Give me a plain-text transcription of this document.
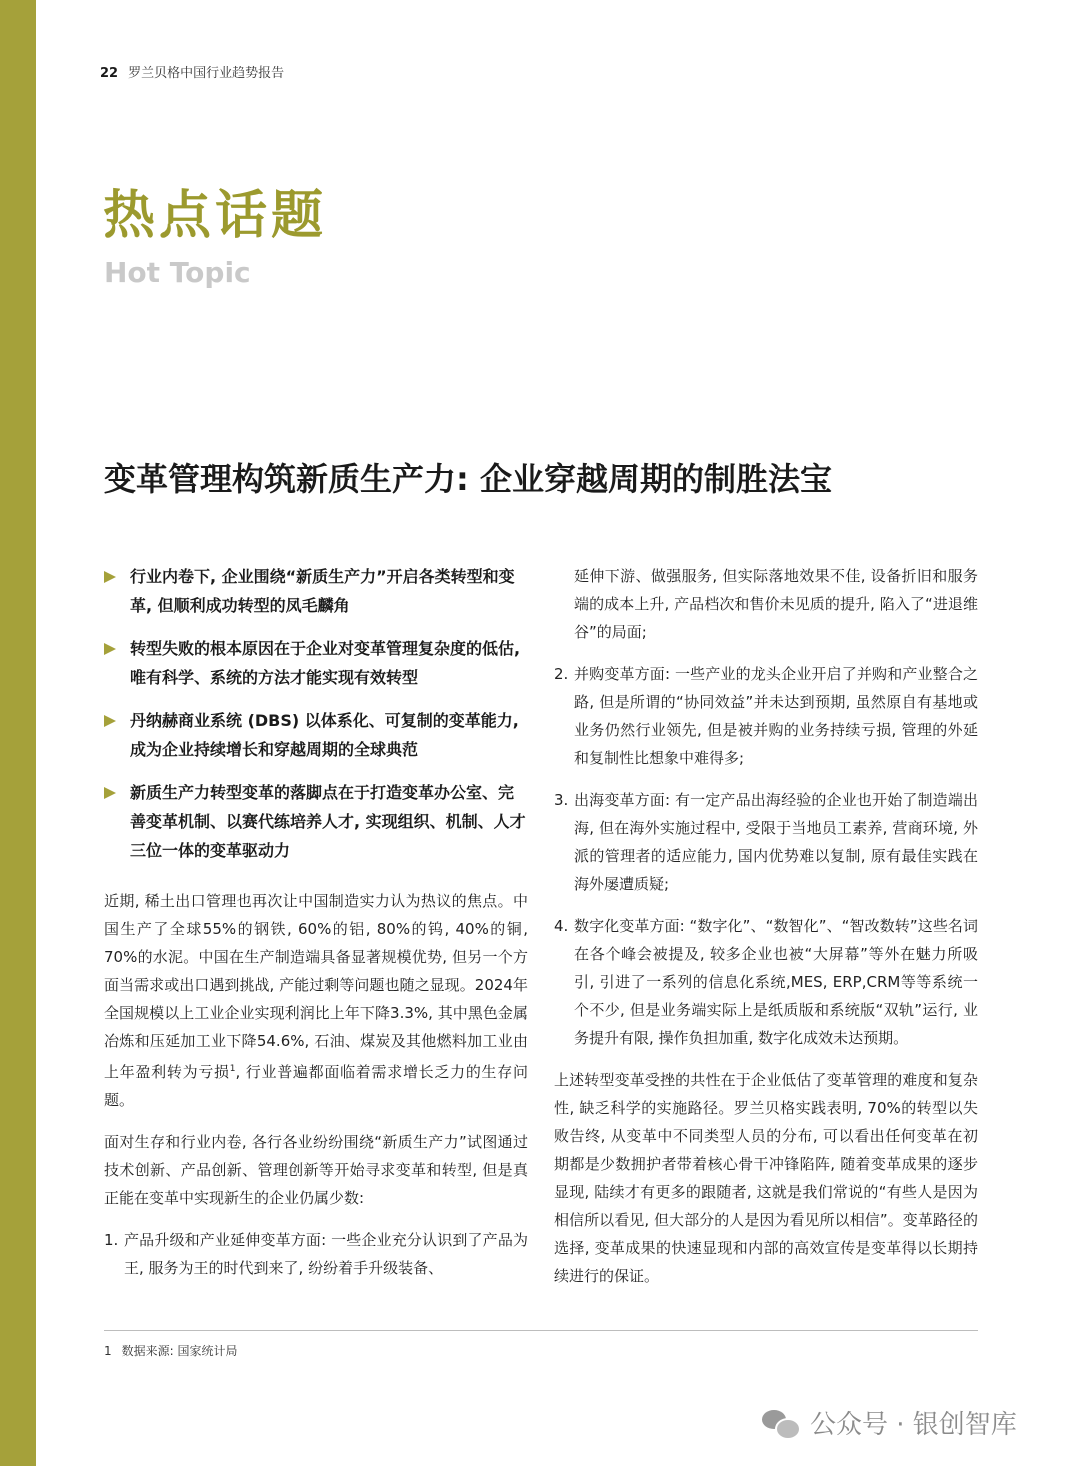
22 罗兰贝格中国行业趋势报告
热点话题
Hot Topic
变革管理构筑新质生产力: 企业穿越周期的制胜法宝
行业内卷下, 企业围绕“新质生产力”开启各类转型和变革, 但顺利成功转型的凤毛麟角
转型失败的根本原因在于企业对变革管理复杂度的低估, 唯有科学、系统的方法才能实现有效转型
丹纳赫商业系统 (DBS) 以体系化、可复制的变革能力, 成为企业持续增长和穿越周期的全球典范
新质生产力转型变革的落脚点在于打造变革办公室、完善变革机制、以赛代练培养人才, 实现组织、机制、人才三位一体的变革驱动力

近期, 稀土出口管理也再次让中国制造实力认为热议的焦点。中国生产了全球55%的钢铁, 60%的铝, 80%的钨, 40%的铜, 70%的水泥。中国在生产制造端具备显著规模优势, 但另一个方面当需求或出口遇到挑战, 产能过剩等问题也随之显现。2024年全国规模以上工业企业实现利润比上年下降3.3%, 其中黑色金属冶炼和压延加工业下降54.6%, 石油、煤炭及其他燃料加工业由上年盈利转为亏损$^1$, 行业普遍都面临着需求增长乏力的生存问题。

面对生存和行业内卷, 各行各业纷纷围绕“新质生产力”试图通过技术创新、产品创新、管理创新等开始寻求变革和转型, 但是真正能在变革中实现新生的企业仍属少数:

1. 产品升级和产业延伸变革方面: 一些企业充分认识到了产品为王, 服务为王的时代到来了, 纷纷着手升级装备、

延伸下游、做强服务, 但实际落地效果不佳, 设备折旧和服务端的成本上升, 产品档次和售价未见质的提升, 陷入了“进退维谷”的局面;

2. 并购变革方面: 一些产业的龙头企业开启了并购和产业整合之路, 但是所谓的“协同效益”并未达到预期, 虽然原自有基地或业务仍然行业领先, 但是被并购的业务持续亏损, 管理的外延和复制性比想象中难得多;
3. 出海变革方面: 有一定产品出海经验的企业也开始了制造端出海, 但在海外实施过程中, 受限于当地员工素养, 营商环境, 外派的管理者的适应能力, 国内优势难以复制, 原有最佳实践在海外屡遭质疑;
4. 数字化变革方面: “数字化”、“数智化”、“智改数转”这些名词在各个峰会被提及, 较多企业也被“大屏幕”等外在魅力所吸引, 引进了一系列的信息化系统,MES, ERP,CRM等等系统一个不少, 但是业务端实际上是纸质版和系统版“双轨”运行, 业务提升有限, 操作负担加重, 数字化成效未达预期。

上述转型变革受挫的共性在于企业低估了变革管理的难度和复杂性, 缺乏科学的实施路径。罗兰贝格实践表明, 70%的转型以失败告终, 从变革中不同类型人员的分布, 可以看出任何变革在初期都是少数拥护者带着核心骨干冲锋陷阵, 随着变革成果的逐步显现, 陆续才有更多的跟随者, 这就是我们常说的“有些人是因为相信所以看见, 但大部分的人是因为看见所以相信”。变革路径的选择, 变革成果的快速显现和内部的高效宣传是变革得以长期持续进行的保证。

1 数据来源: 国家统计局
公众号 · 银创智库
